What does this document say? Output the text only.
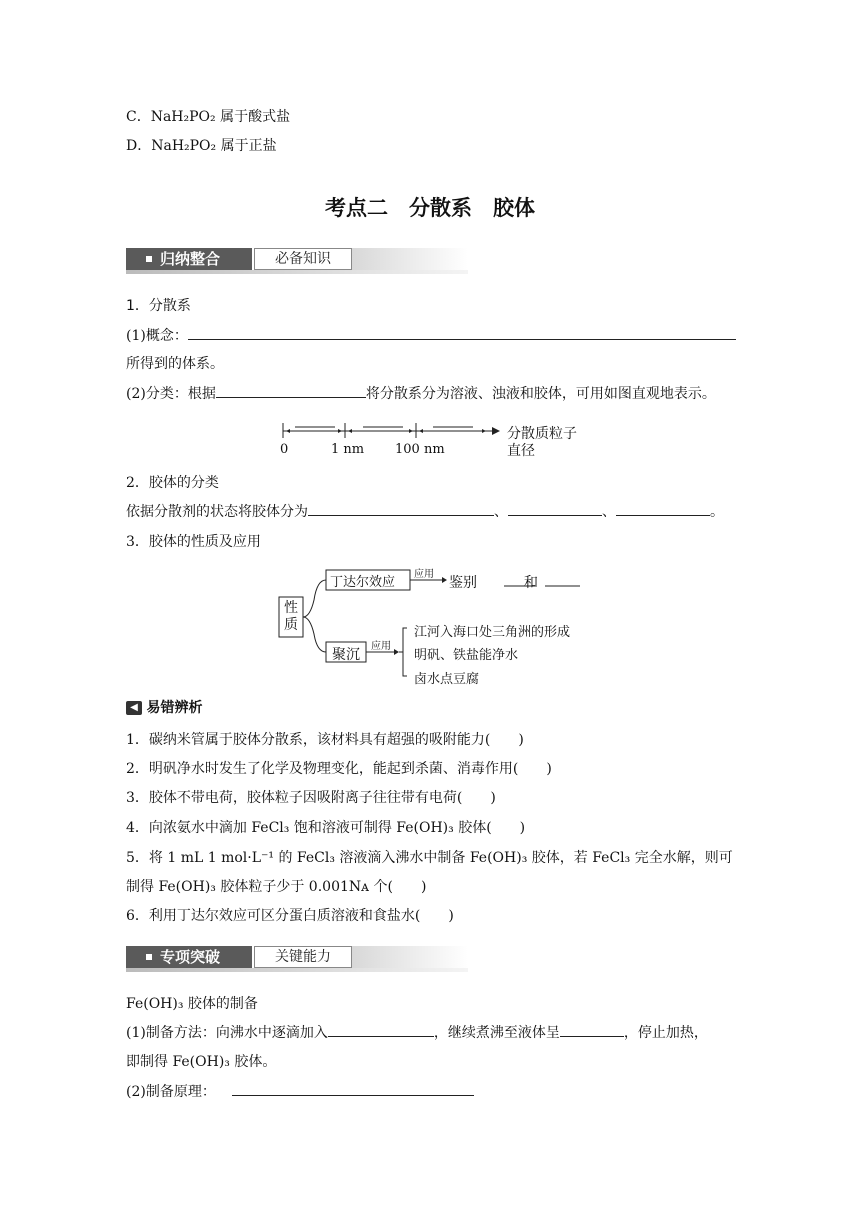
C．NaH₂PO₂ 属于酸式盐
D．NaH₂PO₂ 属于正盐
考点二　分散系　胶体
归纳整合	必备知识
1．分散系
(1)概念：
所得到的体系。
(2)分类：根据	将分散系分为溶液、浊液和胶体，可用如图直观地表示。
0	1 nm 100 nm
分散质粒子
直径
2．胶体的分类
依据分散剂的状态将胶体分为	、	、	。
3．胶体的性质及应用
性
质
丁达尔效应
应用
鉴别	和
聚沉
应用
江河入海口处三角洲的形成
明矾、铁盐能净水
卤水点豆腐
◀ 易错辨析
1．碳纳米管属于胶体分散系，该材料具有超强的吸附能力(　　)
2．明矾净水时发生了化学及物理变化，能起到杀菌、消毒作用(　　)
3．胶体不带电荷，胶体粒子因吸附离子往往带有电荷(　　)
4．向浓氨水中滴加 FeCl₃ 饱和溶液可制得 Fe(OH)₃ 胶体(　　)
5．将 1 mL 1 mol·L⁻¹ 的 FeCl₃ 溶液滴入沸水中制备 Fe(OH)₃ 胶体，若 FeCl₃ 完全水解，则可
制得 Fe(OH)₃ 胶体粒子少于 0.001Nᴀ 个(　　)
6．利用丁达尔效应可区分蛋白质溶液和食盐水(　　)
专项突破	关键能力
Fe(OH)₃ 胶体的制备
(1)制备方法：向沸水中逐滴加入	，继续煮沸至液体呈	，停止加热，
即制得 Fe(OH)₃ 胶体。
(2)制备原理：
